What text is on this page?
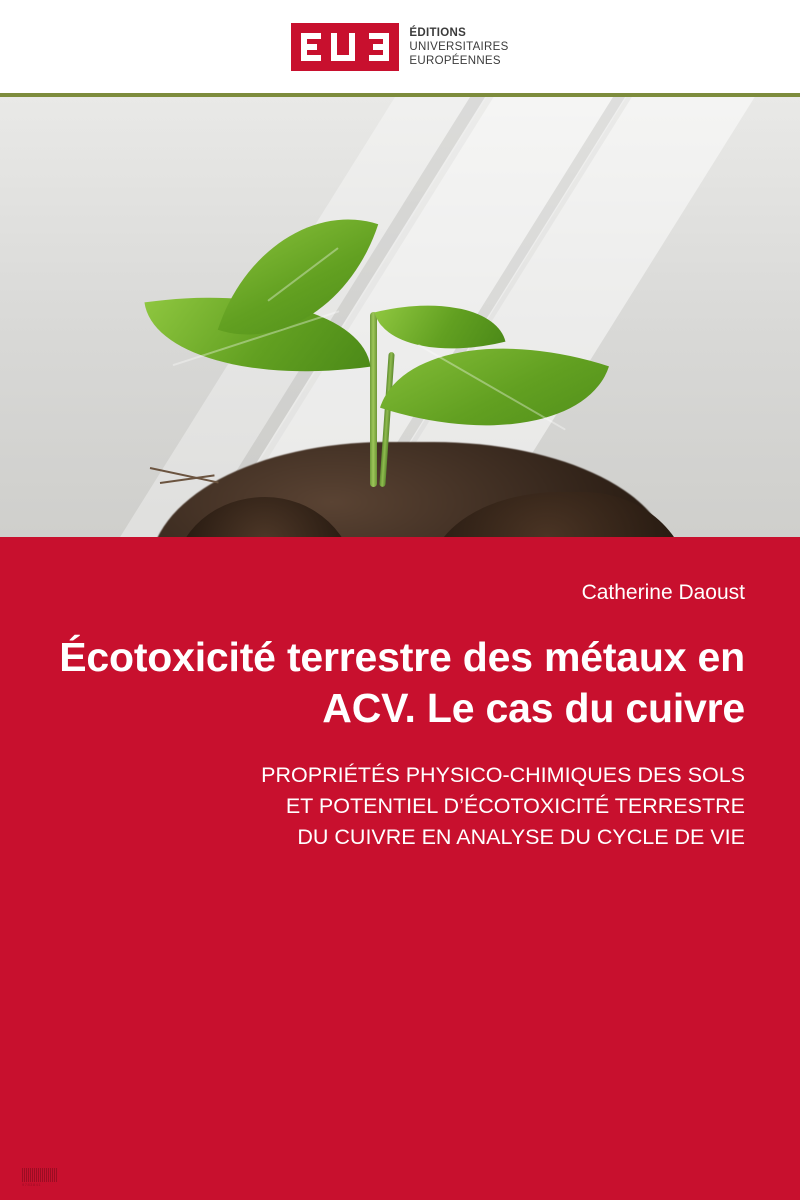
ÉDITIONS
UNIVERSITAIRES
EUROPÉENNES

Catherine Daoust

Écotoxicité terrestre des métaux en ACV. Le cas du cuivre

PROPRIÉTÉS PHYSICO-CHIMIQUES DES SOLS
ET POTENTIEL D’ÉCOTOXICITÉ TERRESTRE
DU CUIVRE EN ANALYSE DU CYCLE DE VIE

9783841
